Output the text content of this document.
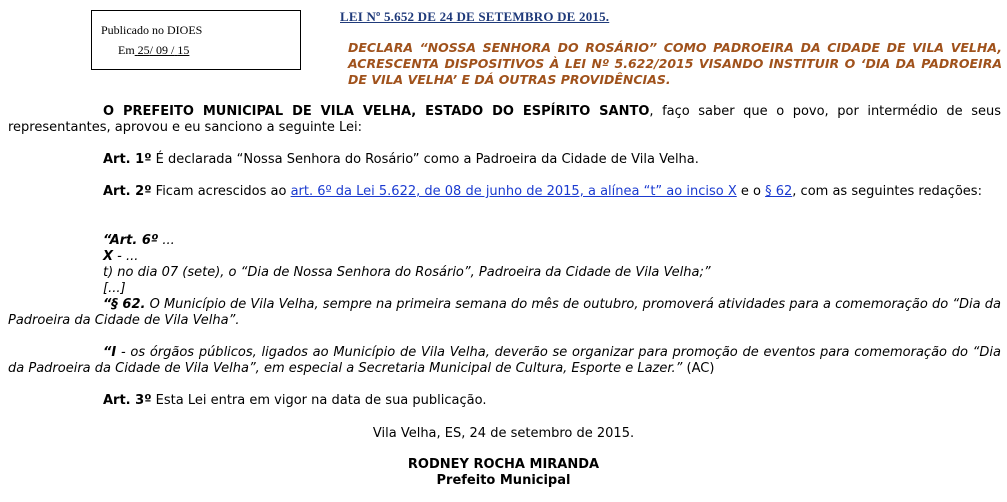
Publicado no DIOES
Em 25/ 09 / 15
LEI Nº 5.652 DE 24 DE SETEMBRO DE 2015.
DECLARA “NOSSA SENHORA DO ROSÁRIO” COMO PADROEIRA DA CIDADE DE VILA VELHA, ACRESCENTA DISPOSITIVOS À LEI Nº 5.622/2015 VISANDO INSTITUIR O ‘DIA DA PADROEIRA DE VILA VELHA’ E DÁ OUTRAS PROVIDÊNCIAS.
O PREFEITO MUNICIPAL DE VILA VELHA, ESTADO DO ESPÍRITO SANTO, faço saber que o povo, por intermédio de seus representantes, aprovou e eu sanciono a seguinte Lei:
Art. 1º É declarada “Nossa Senhora do Rosário” como a Padroeira da Cidade de Vila Velha.
Art. 2º Ficam acrescidos ao art. 6º da Lei 5.622, de 08 de junho de 2015, a alínea “t” ao inciso X e o § 62, com as seguintes redações:
“Art. 6º ...
X - ...
t) no dia 07 (sete), o “Dia de Nossa Senhora do Rosário”, Padroeira da Cidade de Vila Velha;”
[...]
“§ 62. O Município de Vila Velha, sempre na primeira semana do mês de outubro, promoverá atividades para a comemoração do “Dia da Padroeira da Cidade de Vila Velha”.
“I - os órgãos públicos, ligados ao Município de Vila Velha, deverão se organizar para promoção de eventos para comemoração do “Dia da Padroeira da Cidade de Vila Velha”, em especial a Secretaria Municipal de Cultura, Esporte e Lazer.” (AC)
Art. 3º Esta Lei entra em vigor na data de sua publicação.
Vila Velha, ES, 24 de setembro de 2015.
RODNEY ROCHA MIRANDA
Prefeito Municipal
